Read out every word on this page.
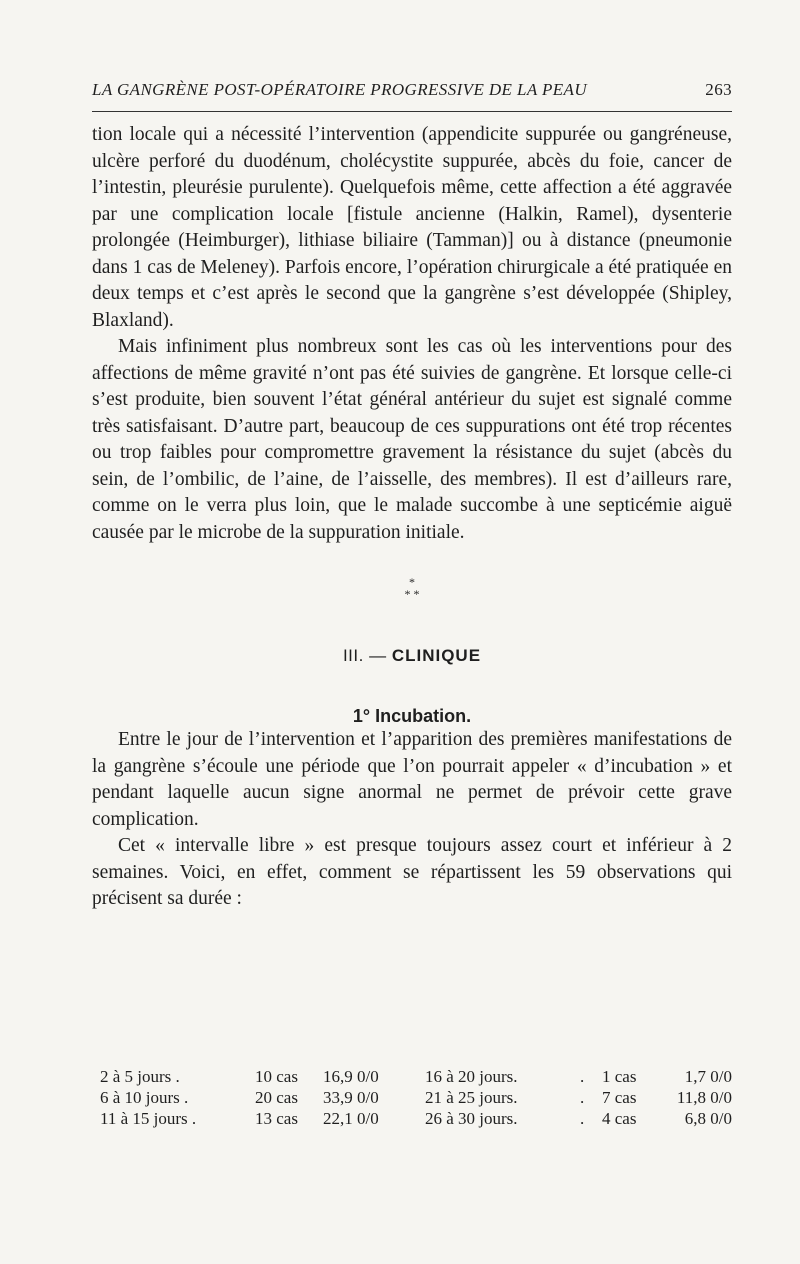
LA GANGRÈNE POST-OPÉRATOIRE PROGRESSIVE DE LA PEAU	263

tion locale qui a nécessité l’intervention (appendicite suppurée ou gangréneuse, ulcère perforé du duodénum, cholécystite suppurée, abcès du foie, cancer de l’intestin, pleurésie purulente). Quelquefois même, cette affection a été aggravée par une complication locale [fistule ancienne (Halkin, Ramel), dysenterie prolongée (Heimburger), lithiase biliaire (Tamman)] ou à distance (pneumonie dans 1 cas de Meleney). Parfois encore, l’opération chirurgicale a été pratiquée en deux temps et c’est après le second que la gangrène s’est développée (Shipley, Blaxland).

Mais infiniment plus nombreux sont les cas où les interventions pour des affections de même gravité n’ont pas été suivies de gangrène. Et lorsque celle-ci s’est produite, bien souvent l’état général antérieur du sujet est signalé comme très satisfaisant. D’autre part, beaucoup de ces suppurations ont été trop récentes ou trop faibles pour compromettre gravement la résistance du sujet (abcès du sein, de l’ombilic, de l’aine, de l’aisselle, des membres). Il est d’ailleurs rare, comme on le verra plus loin, que le malade succombe à une septicémie aiguë causée par le microbe de la suppuration initiale.

*
* *
III. — CLINIQUE
1° Incubation.

Entre le jour de l’intervention et l’apparition des premières manifestations de la gangrène s’écoule une période que l’on pourrait appeler « d’incubation » et pendant laquelle aucun signe anormal ne permet de prévoir cette grave complication.

Cet « intervalle libre » est presque toujours assez court et inférieur à 2 semaines. Voici, en effet, comment se répartissent les 59 observations qui précisent sa durée :

2 à 5 jours .	10 cas	16,9 0/0	16 à 20 jours.	.	1 cas	1,7 0/0
6 à 10 jours .	20 cas	33,9 0/0	21 à 25 jours.	.	7 cas	11,8 0/0
11 à 15 jours .	13 cas	22,1 0/0	26 à 30 jours.	.	4 cas	6,8 0/0
